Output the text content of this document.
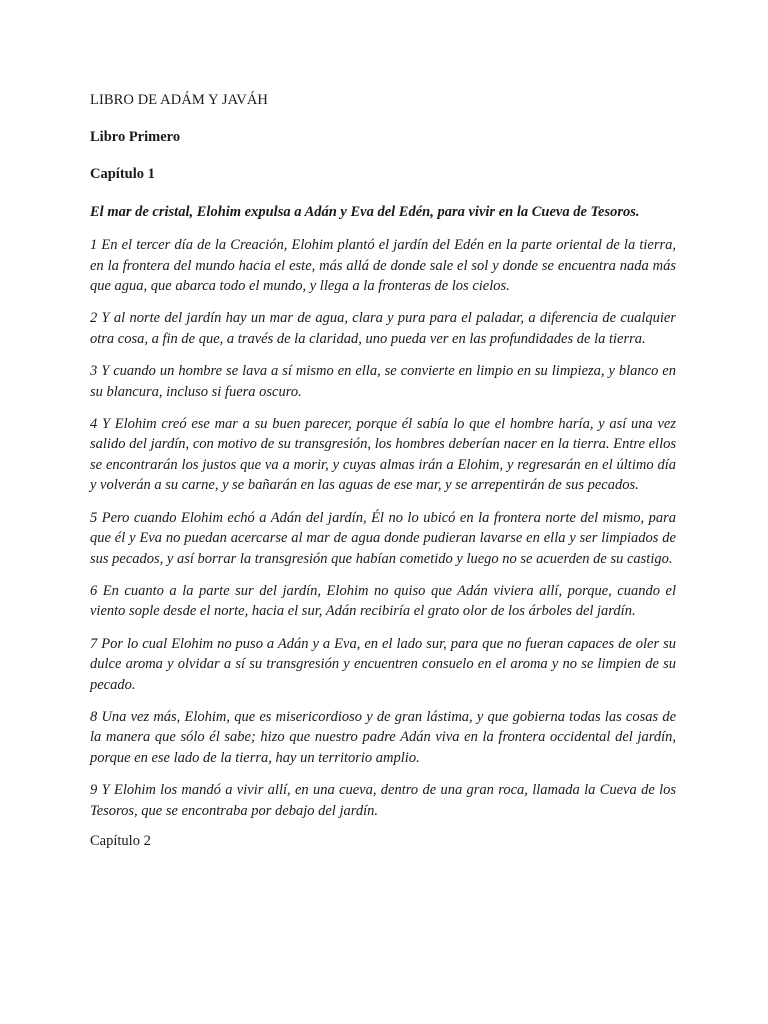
LIBRO DE ADÁM Y JAVÁH

Libro Primero

Capítulo 1

El mar de cristal, Elohim expulsa a Adán y Eva del Edén, para vivir en la Cueva de Tesoros.

1 En el tercer día de la Creación, Elohim plantó el jardín del Edén en la parte oriental de la tierra, en la frontera del mundo hacia el este, más allá de donde sale el sol y donde se encuentra nada más que agua, que abarca todo el mundo, y llega a la fronteras de los cielos.

2 Y al norte del jardín hay un mar de agua, clara y pura para el paladar, a diferencia de cualquier otra cosa, a fin de que, a través de la claridad, uno pueda ver en las profundidades de la tierra.

3 Y cuando un hombre se lava a sí mismo en ella, se convierte en limpio en su limpieza, y blanco en su blancura, incluso si fuera oscuro.

4 Y Elohim creó ese mar a su buen parecer, porque él sabía lo que el hombre haría, y así una vez salido del jardín, con motivo de su transgresión, los hombres deberían nacer en la tierra. Entre ellos se encontrarán los justos que va a morir, y cuyas almas irán a Elohim, y regresarán en el último día y volverán a su carne, y se bañarán en las aguas de ese mar, y se arrepentirán de sus pecados.

5 Pero cuando Elohim echó a Adán del jardín, Él no lo ubicó en la frontera norte del mismo, para que él y Eva no puedan acercarse al mar de agua donde pudieran lavarse en ella y ser limpiados de sus pecados, y así borrar la transgresión que habían cometido y luego no se acuerden de su castigo.

6 En cuanto a la parte sur del jardín, Elohim no quiso que Adán viviera allí, porque, cuando el viento sople desde el norte, hacia el sur, Adán recibiría el grato olor de los árboles del jardín.

7 Por lo cual Elohim no puso a Adán y a Eva, en el lado sur, para que no fueran capaces de oler su dulce aroma y olvidar a sí su transgresión y encuentren consuelo en el aroma y no se limpien de su pecado.

8 Una vez más, Elohim, que es misericordioso y de gran lástima, y que gobierna todas las cosas de la manera que sólo él sabe; hizo que nuestro padre Adán viva en la frontera occidental del jardín, porque en ese lado de la tierra, hay un territorio amplio.

9 Y Elohim los mandó a vivir allí, en una cueva, dentro de una gran roca, llamada la Cueva de los Tesoros, que se encontraba por debajo del jardín.

Capítulo 2
